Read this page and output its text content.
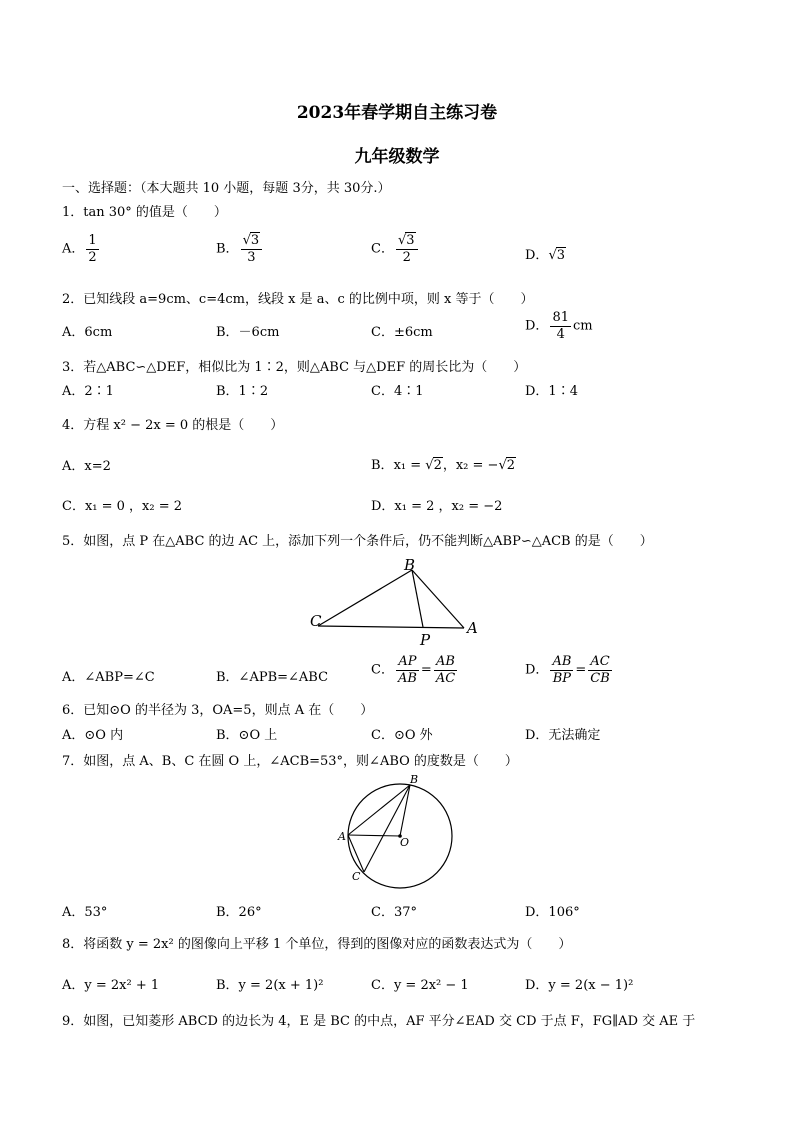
2023年春学期自主练习卷
九年级数学
一、选择题：（本大题共 10 小题，每题 3分，共 30分.）
1．tan 30° 的值是（　　）
A． $\frac{1}{2}$	B． $\frac{√3}{3}$	C． $\frac{√3}{2}$	D．√3
2．已知线段 a=9cm、c=4cm，线段 x 是 a、c 的比例中项，则 x 等于（　　）
A．6cm	B．－6cm	C．±6cm	D． $\frac{81}{4}$ cm
3．若△ABC∽△DEF，相似比为 1∶2，则△ABC 与△DEF 的周长比为（　　）
A．2∶1	B．1∶2	C．4∶1	D．1∶4
4．方程 x² − 2x = 0 的根是（　　）
A．x=2	B．x₁ = √2，x₂ = −√2
C．x₁ = 0 ，x₂ = 2	D．x₁ = 2 ，x₂ = −2
5．如图，点 P 在△ABC 的边 AC 上，添加下列一个条件后，仍不能判断△ABP∽△ACB 的是（　　）
B
C
P
A
A．∠ABP=∠C	B．∠APB=∠ABC	C． $\frac{AP}{AB} = \frac{AB}{AC}$	D． $\frac{AB}{BP} = \frac{AC}{CB}$
6．已知⊙O 的半径为 3，OA=5，则点 A 在（　　）
A．⊙O 内	B．⊙O 上	C．⊙O 外	D．无法确定
7．如图，点 A、B、C 在圆 O 上，∠ACB=53°，则∠ABO 的度数是（　　）
B
A	O
C
A．53°	B．26°	C．37°	D．106°
8．将函数 y = 2x² 的图像向上平移 1 个单位，得到的图像对应的函数表达式为（　　）
A．y = 2x² + 1	B．y = 2(x + 1)²	C．y = 2x² − 1	D．y = 2(x − 1)²
9．如图，已知菱形 ABCD 的边长为 4，E 是 BC 的中点，AF 平分∠EAD 交 CD 于点 F，FG∥AD 交 AE 于
